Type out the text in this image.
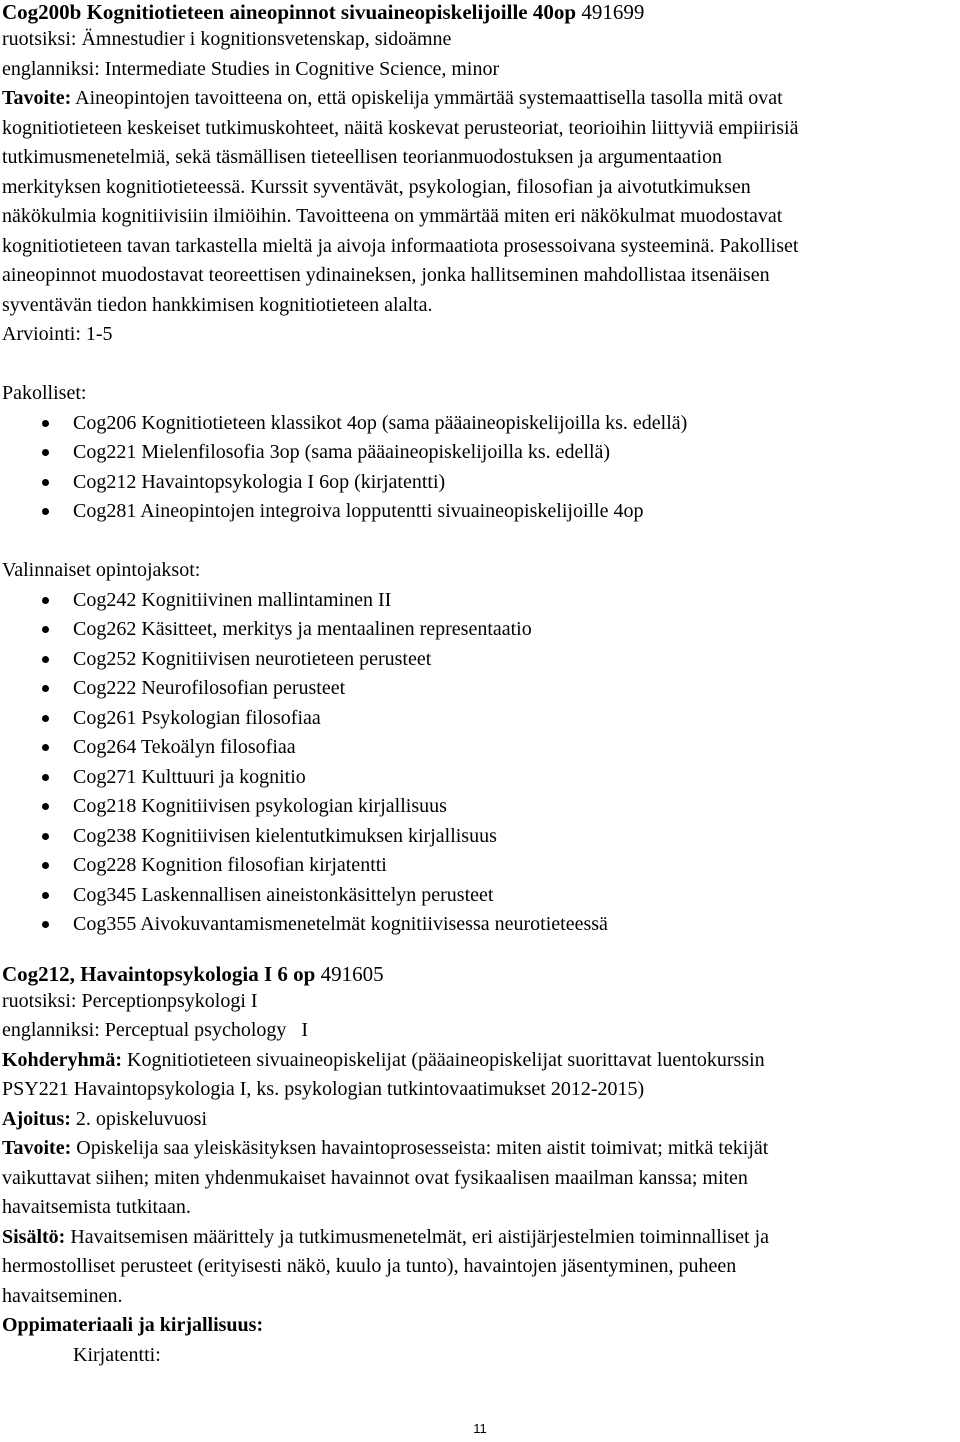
Cog200b Kognitiotieteen aineopinnot sivuaineopiskelijoille 40op 491699

ruotsiksi: Ämnestudier i kognitionsvetenskap, sidoämne
englanniksi: Intermediate Studies in Cognitive Science, minor
Tavoite: Aineopintojen tavoitteena on, että opiskelija ymmärtää systemaattisella tasolla mitä ovat
kognitiotieteen keskeiset tutkimuskohteet, näitä koskevat perusteoriat, teorioihin liittyviä empiirisiä
tutkimusmenetelmiä, sekä täsmällisen tieteellisen teorianmuodostuksen ja argumentaation
merkityksen kognitiotieteessä. Kurssit syventävät, psykologian, filosofian ja aivotutkimuksen
näkökulmia kognitiivisiin ilmiöihin. Tavoitteena on ymmärtää miten eri näkökulmat muodostavat
kognitiotieteen tavan tarkastella mieltä ja aivoja informaatiota prosessoivana systeeminä. Pakolliset
aineopinnot muodostavat teoreettisen ydinaineksen, jonka hallitseminen mahdollistaa itsenäisen
syventävän tiedon hankkimisen kognitiotieteen alalta.
Arviointi: 1-5
Pakolliset:
Cog206 Kognitiotieteen klassikot 4op (sama pääaineopiskelijoilla ks. edellä)
Cog221 Mielenfilosofia 3op (sama pääaineopiskelijoilla ks. edellä)
Cog212 Havaintopsykologia I 6op (kirjatentti)
Cog281 Aineopintojen integroiva lopputentti sivuaineopiskelijoille 4op
Valinnaiset opintojaksot:
Cog242 Kognitiivinen mallintaminen II
Cog262 Käsitteet, merkitys ja mentaalinen representaatio
Cog252 Kognitiivisen neurotieteen perusteet
Cog222 Neurofilosofian perusteet
Cog261 Psykologian filosofiaa
Cog264 Tekoälyn filosofiaa
Cog271 Kulttuuri ja kognitio
Cog218 Kognitiivisen psykologian kirjallisuus
Cog238 Kognitiivisen kielentutkimuksen kirjallisuus
Cog228 Kognition filosofian kirjatentti
Cog345 Laskennallisen aineistonkäsittelyn perusteet
Cog355 Aivokuvantamismenetelmät kognitiivisessa neurotieteessä

Cog212, Havaintopsykologia I 6 op 491605

ruotsiksi: Perceptionpsykologi I
englanniksi: Perceptual psychology   I
Kohderyhmä: Kognitiotieteen sivuaineopiskelijat (pääaineopiskelijat suorittavat luentokurssin
PSY221 Havaintopsykologia I, ks. psykologian tutkintovaatimukset 2012-2015)
Ajoitus: 2. opiskeluvuosi
Tavoite: Opiskelija saa yleiskäsityksen havaintoprosesseista: miten aistit toimivat; mitkä tekijät
vaikuttavat siihen; miten yhdenmukaiset havainnot ovat fysikaalisen maailman kanssa; miten
havaitsemista tutkitaan.
Sisältö: Havaitsemisen määrittely ja tutkimusmenetelmät, eri aistijärjestelmien toiminnalliset ja
hermostolliset perusteet (erityisesti näkö, kuulo ja tunto), havaintojen jäsentyminen, puheen
havaitseminen.
Oppimateriaali ja kirjallisuus:
Kirjatentti:
11
